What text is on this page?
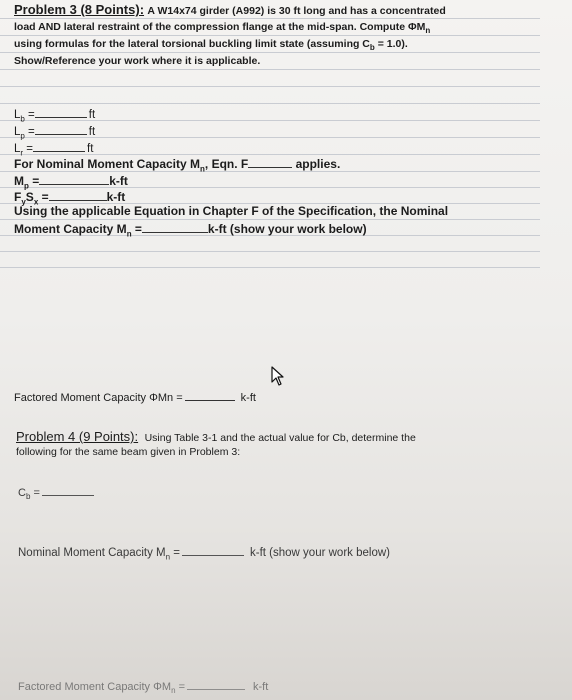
Problem 3 (8 Points): A W14x74 girder (A992) is 30 ft long and has a concentrated
load AND lateral restraint of the compression flange at the mid-span. Compute $\Phi M_n$
using formulas for the lateral torsional buckling limit state (assuming $C_b = 1.0$).
Show/Reference your work where it is applicable.
$L_b$ =	ft
$L_p$ =	ft
$L_r$ =	ft
For Nominal Moment Capacity $M_n$, Eqn. F	applies.
$M_p$ =	k-ft
$F_yS_x$ =	k-ft
Using the applicable Equation in Chapter F of the Specification, the Nominal
Moment Capacity $M_n$ =	k-ft (show your work below)
Factored Moment Capacity ΦMn =	k-ft
Problem 4 (9 Points): Using Table 3-1 and the actual value for Cb, determine the
following for the same beam given in Problem 3:
$C_b$ =
Nominal Moment Capacity $M_n$ =	k-ft (show your work below)
Factored Moment Capacity $\Phi M_n$ =	k-ft
